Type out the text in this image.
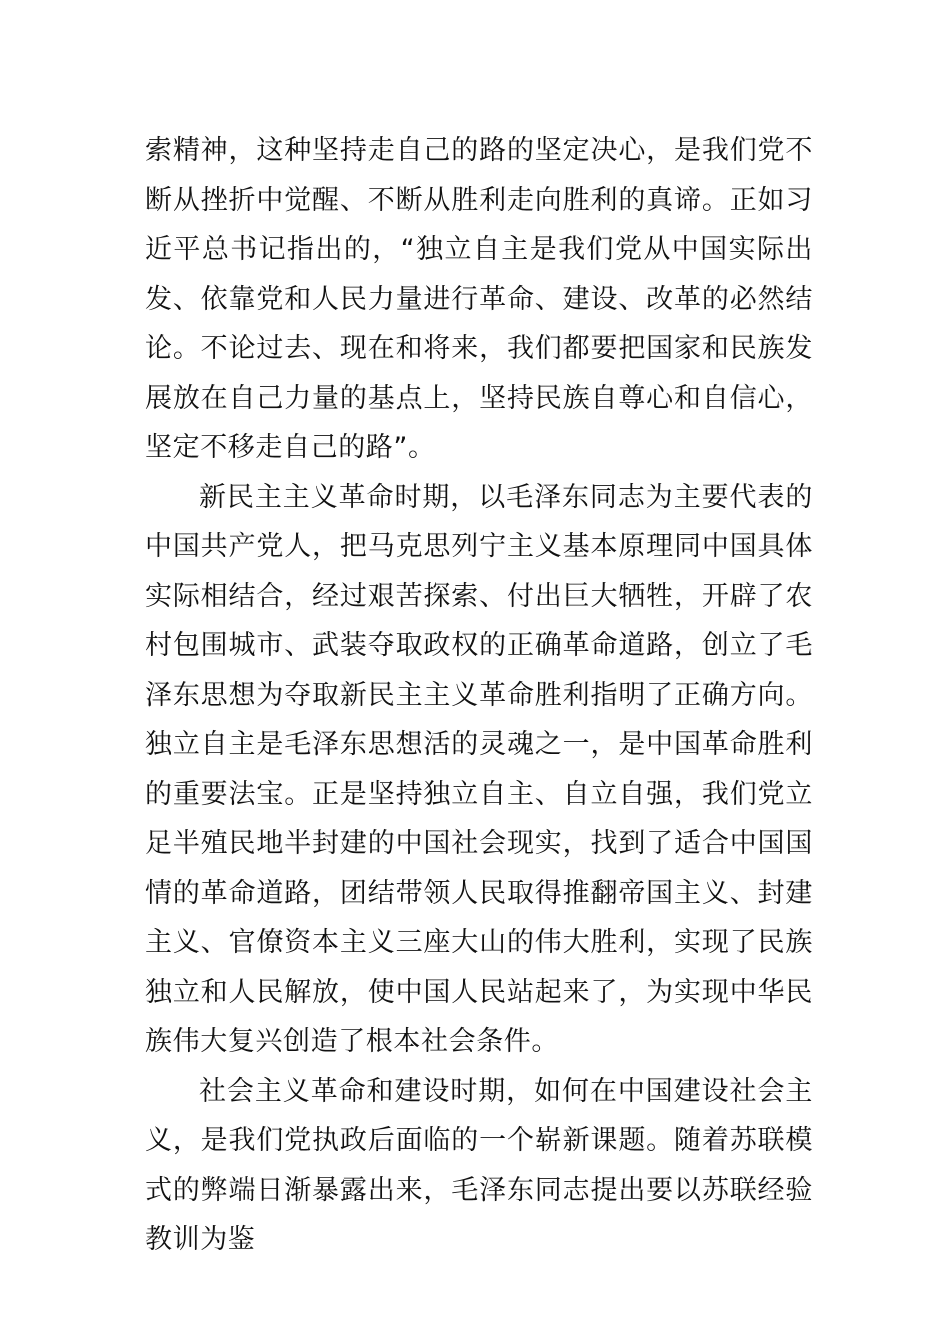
索精神，这种坚持走自己的路的坚定决心，是我们党不断从挫折中觉醒、不断从胜利走向胜利的真谛。正如习近平总书记指出的，“独立自主是我们党从中国实际出发、依靠党和人民力量进行革命、建设、改革的必然结论。不论过去、现在和将来，我们都要把国家和民族发展放在自己力量的基点上，坚持民族自尊心和自信心，坚定不移走自己的路”。

新民主主义革命时期，以毛泽东同志为主要代表的中国共产党人，把马克思列宁主义基本原理同中国具体实际相结合，经过艰苦探索、付出巨大牺牲，开辟了农村包围城市、武装夺取政权的正确革命道路，创立了毛泽东思想为夺取新民主主义革命胜利指明了正确方向。独立自主是毛泽东思想活的灵魂之一，是中国革命胜利的重要法宝。正是坚持独立自主、自立自强，我们党立足半殖民地半封建的中国社会现实，找到了适合中国国情的革命道路，团结带领人民取得推翻帝国主义、封建主义、官僚资本主义三座大山的伟大胜利，实现了民族独立和人民解放，使中国人民站起来了，为实现中华民族伟大复兴创造了根本社会条件。

社会主义革命和建设时期，如何在中国建设社会主义，是我们党执政后面临的一个崭新课题。随着苏联模式的弊端日渐暴露出来，毛泽东同志提出要以苏联经验教训为鉴
